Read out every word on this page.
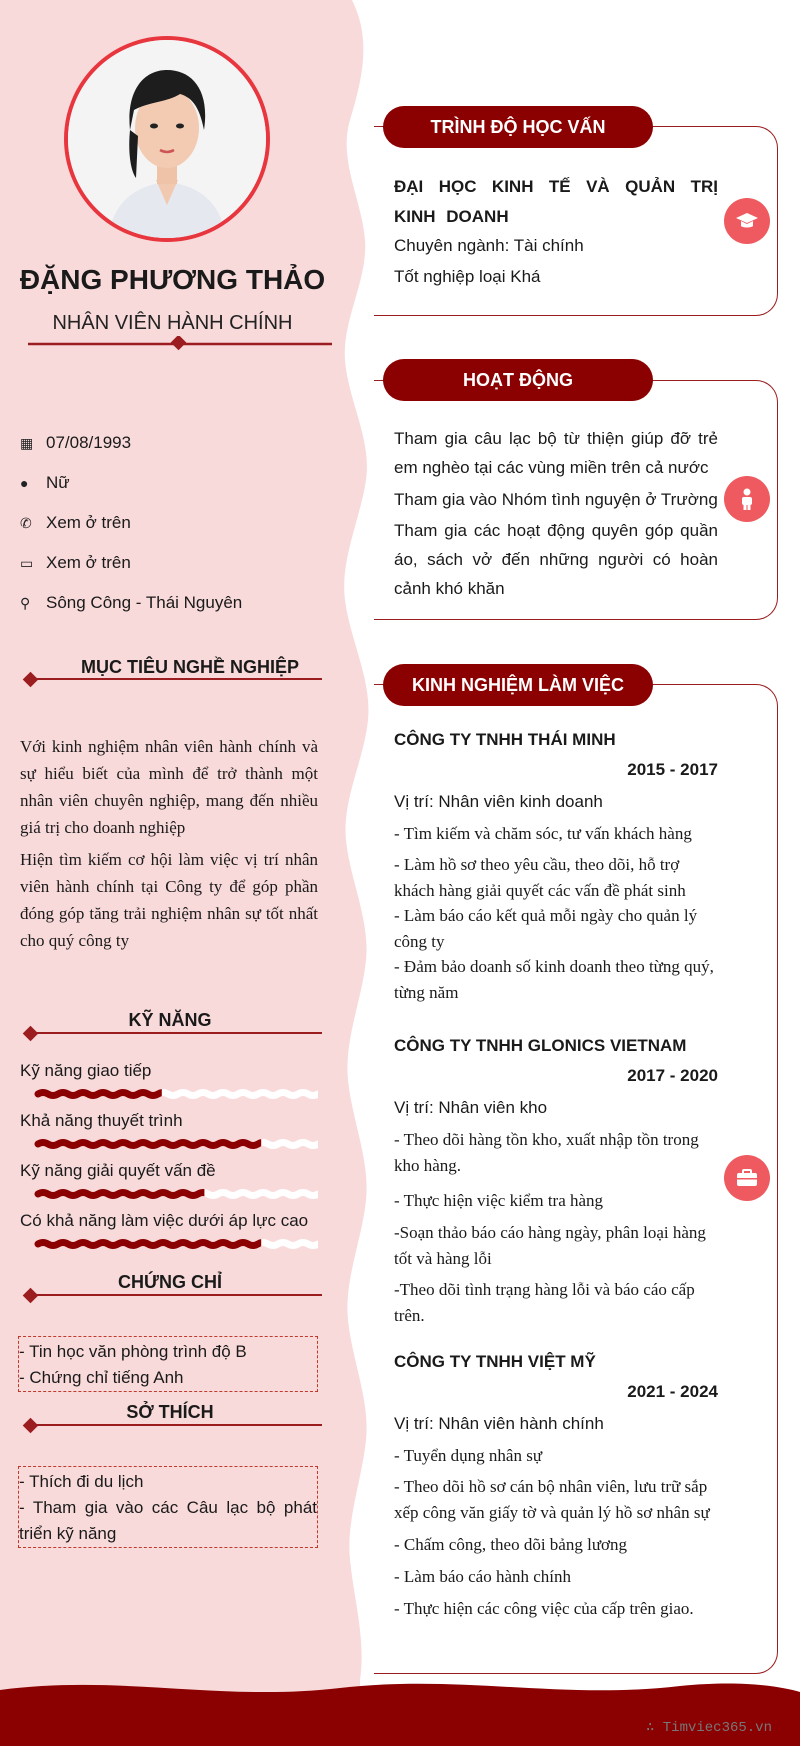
∴ Timviec365.vn
ĐẶNG PHƯƠNG THẢO
NHÂN VIÊN HÀNH CHÍNH
▦ 07/08/1993
●	Nữ
✆ Xem ở trên
▭ Xem ở trên
⚲ Sông Công - Thái Nguyên
MỤC TIÊU NGHỀ NGHIỆP
Với kinh nghiệm nhân viên hành chính và sự hiểu biết của mình để trở thành một nhân viên chuyên nghiệp, mang đến nhiều giá trị cho doanh nghiệp
Hiện tìm kiếm cơ hội làm việc vị trí nhân viên hành chính tại Công ty để góp phần đóng góp tăng trải nghiệm nhân sự tốt nhất cho quý công ty
KỸ NĂNG
Kỹ năng giao tiếp
Khả năng thuyết trình
Kỹ năng giải quyết vấn đề
Có khả năng làm việc dưới áp lực cao
CHỨNG CHỈ
- Tin học văn phòng trình độ B
- Chứng chỉ tiếng Anh
SỞ THÍCH
- Thích đi du lịch
- Tham gia vào các Câu lạc bộ phát triển kỹ năng
TRÌNH ĐỘ HỌC VẤN
ĐẠI HỌC KINH TẾ VÀ QUẢN TRỊ KINH DOANH
Chuyên ngành: Tài chính
Tốt nghiệp loại Khá
HOẠT ĐỘNG
Tham gia câu lạc bộ từ thiện giúp đỡ trẻ em nghèo tại các vùng miền trên cả nước
Tham gia vào Nhóm tình nguyện ở Trường
Tham gia các hoạt động quyên góp quần áo, sách vở đến những người có hoàn cảnh khó khăn
KINH NGHIỆM LÀM VIỆC
CÔNG TY TNHH THÁI MINH
2015 - 2017
Vị trí: Nhân viên kinh doanh
- Tìm kiếm và chăm sóc, tư vấn khách hàng
- Làm hồ sơ theo yêu cầu, theo dõi, hỗ trợ khách hàng giải quyết các vấn đề phát sinh
- Làm báo cáo kết quả mỗi ngày cho quản lý công ty
- Đảm bảo doanh số kinh doanh theo từng quý, từng năm
CÔNG TY TNHH GLONICS VIETNAM
2017 - 2020
Vị trí: Nhân viên kho
- Theo dõi hàng tồn kho, xuất nhập tồn trong kho hàng.
- Thực hiện việc kiểm tra hàng
-Soạn thảo báo cáo hàng ngày, phân loại hàng tốt và hàng lỗi
-Theo dõi tình trạng hàng lỗi và báo cáo cấp trên.
CÔNG TY TNHH VIỆT MỸ
2021 - 2024
Vị trí: Nhân viên hành chính
- Tuyển dụng nhân sự
- Theo dõi hồ sơ cán bộ nhân viên, lưu trữ sắp xếp công văn giấy tờ và quản lý hồ sơ nhân sự
- Chấm công, theo dõi bảng lương
- Làm báo cáo hành chính
- Thực hiện các công việc của cấp trên giao.
